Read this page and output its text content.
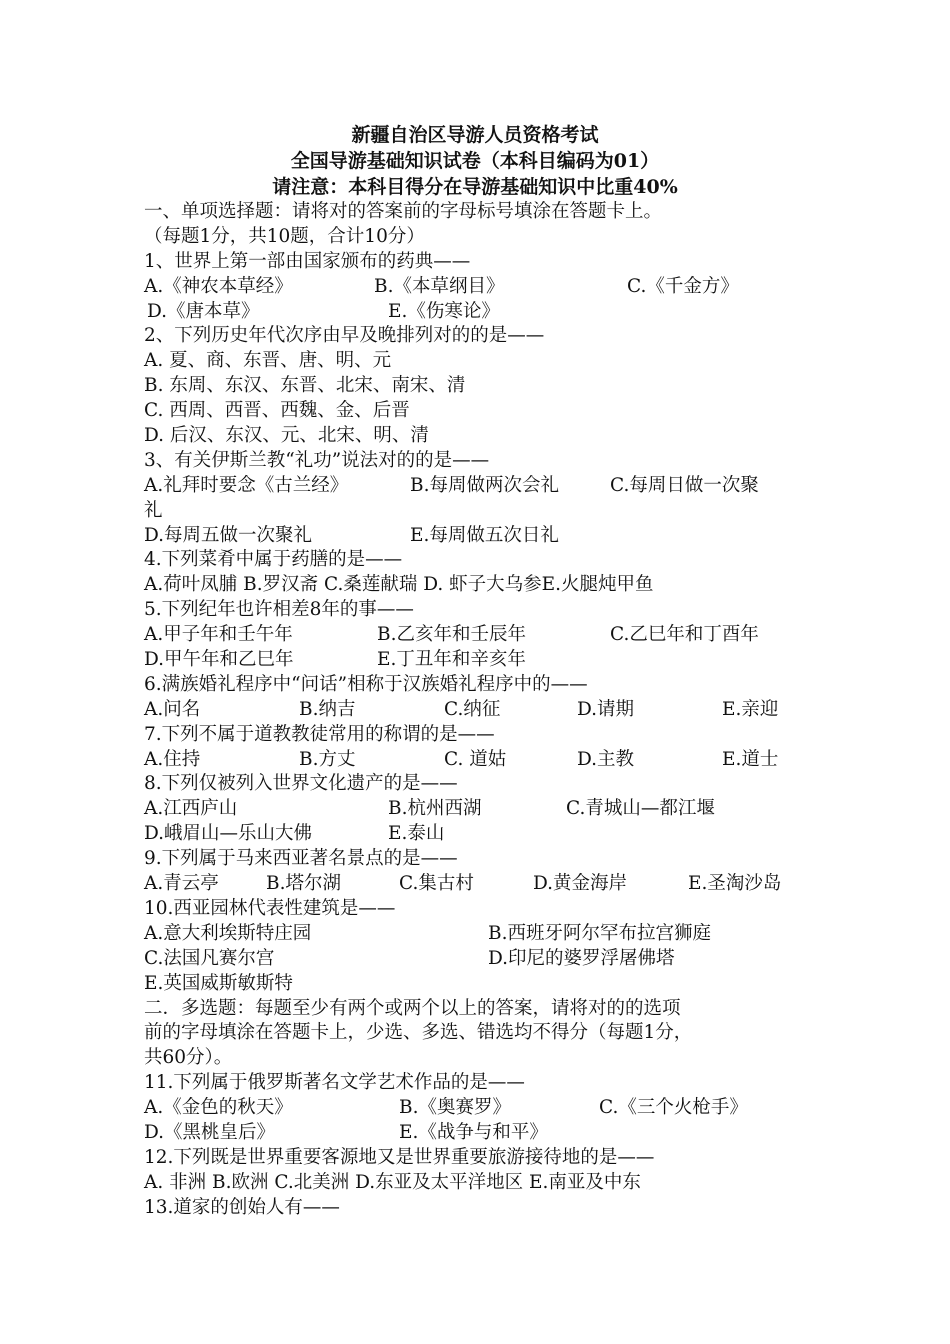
新疆自治区导游人员资格考试
全国导游基础知识试卷（本科目编码为01）
请注意：本科目得分在导游基础知识中比重40%
一、单项选择题：请将对的答案前的字母标号填涂在答题卡上。
（每题1分，共10题，合计10分）
1、世界上第一部由国家颁布的药典——
A.《神农本草经》	B.《本草纲目》	C.《千金方》
D.《唐本草》	E.《伤寒论》
2、下列历史年代次序由早及晚排列对的的是——
A. 夏、商、东晋、唐、明、元
B. 东周、东汉、东晋、北宋、南宋、清
C. 西周、西晋、西魏、金、后晋
D. 后汉、东汉、元、北宋、明、清
3、有关伊斯兰教“礼功”说法对的的是——
A.礼拜时要念《古兰经》	B.每周做两次会礼	C.每周日做一次聚
礼
D.每周五做一次聚礼	E.每周做五次日礼
4.下列菜肴中属于药膳的是——
A.荷叶凤脯 B.罗汉斋 C.桑莲献瑞 D. 虾子大乌参E.火腿炖甲鱼
5.下列纪年也许相差8年的事——
A.甲子年和壬午年	B.乙亥年和壬辰年	C.乙巳年和丁酉年
D.甲午年和乙巳年	E.丁丑年和辛亥年
6.满族婚礼程序中“问话”相称于汉族婚礼程序中的——
A.问名	B.纳吉	C.纳征	D.请期	E.亲迎
7.下列不属于道教教徒常用的称谓的是——
A.住持	B.方丈	C. 道姑	D.主教	E.道士
8.下列仅被列入世界文化遗产的是——
A.江西庐山	B.杭州西湖	C.青城山—都江堰
D.峨眉山—乐山大佛	E.泰山
9.下列属于马来西亚著名景点的是——
A.青云亭	B.塔尔湖	C.集古村	D.黄金海岸	E.圣淘沙岛
10.西亚园林代表性建筑是——
A.意大利埃斯特庄园	B.西班牙阿尔罕布拉宫狮庭
C.法国凡赛尔宫	D.印尼的婆罗浮屠佛塔
E.英国威斯敏斯特
二．多选题：每题至少有两个或两个以上的答案，请将对的的选项
前的字母填涂在答题卡上，少选、多选、错选均不得分（每题1分，
共60分）。
11.下列属于俄罗斯著名文学艺术作品的是——
A.《金色的秋天》	B.《奥赛罗》	C.《三个火枪手》
D.《黑桃皇后》	E.《战争与和平》
12.下列既是世界重要客源地又是世界重要旅游接待地的是——
A. 非洲 B.欧洲 C.北美洲 D.东亚及太平洋地区 E.南亚及中东
13.道家的创始人有——
